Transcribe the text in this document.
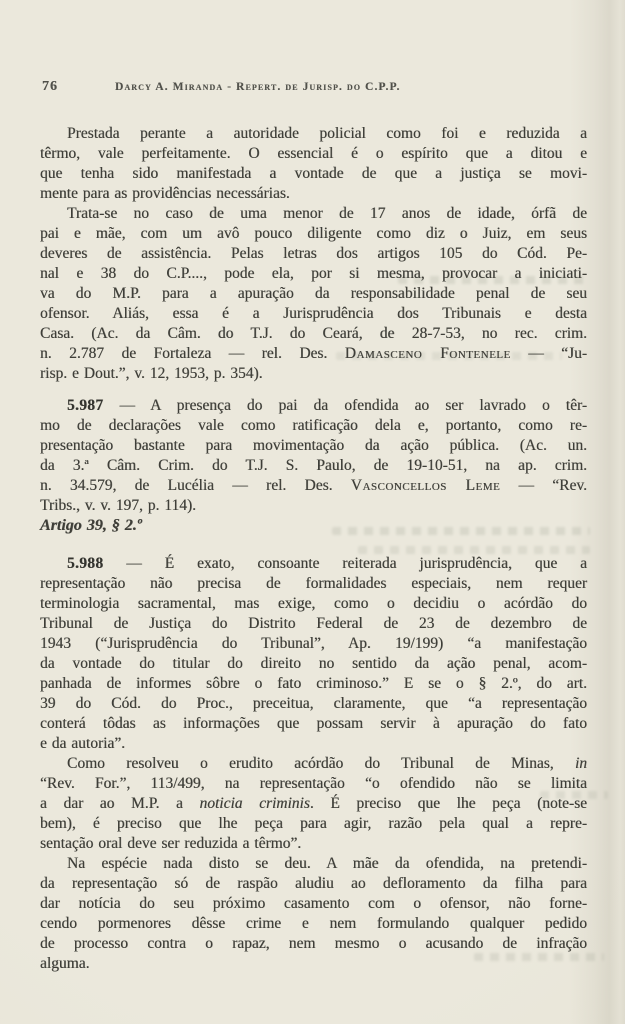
76	Darcy A. Miranda - Repert. de Jurisp. do C.P.P.
Prestada perante a autoridade policial como foi e reduzida a
têrmo, vale perfeitamente. O essencial é o espírito que a ditou e
que tenha sido manifestada a vontade de que a justiça se movi-
mente para as providências necessárias.
Trata-se no caso de uma menor de 17 anos de idade, órfã de
pai e mãe, com um avô pouco diligente como diz o Juiz, em seus
deveres de assistência. Pelas letras dos artigos 105 do Cód. Pe-
nal e 38 do C.P...., pode ela, por si mesma, provocar a iniciati-
va do M.P. para a apuração da responsabilidade penal de seu
ofensor. Aliás, essa é a Jurisprudência dos Tribunais e desta
Casa. (Ac. da Câm. do T.J. do Ceará, de 28-7-53, no rec. crim.
n. 2.787 de Fortaleza — rel. Des. Damasceno Fontenele — “Ju-
risp. e Dout.”, v. 12, 1953, p. 354).
5.987 — A presença do pai da ofendida ao ser lavrado o têr-
mo de declarações vale como ratificação dela e, portanto, como re-
presentação bastante para movimentação da ação pública. (Ac. un.
da 3.ª Câm. Crim. do T.J. S. Paulo, de 19-10-51, na ap. crim.
n. 34.579, de Lucélia — rel. Des. Vasconcellos Leme — “Rev.
Tribs., v. v. 197, p. 114).
Artigo 39, § 2.º
5.988 — É exato, consoante reiterada jurisprudência, que a
representação não precisa de formalidades especiais, nem requer
terminologia sacramental, mas exige, como o decidiu o acórdão do
Tribunal de Justiça do Distrito Federal de 23 de dezembro de
1943 (“Jurisprudência do Tribunal”, Ap. 19/199) “a manifestação
da vontade do titular do direito no sentido da ação penal, acom-
panhada de informes sôbre o fato criminoso.” E se o § 2.º, do art.
39 do Cód. do Proc., preceitua, claramente, que “a representação
conterá tôdas as informações que possam servir à apuração do fato
e da autoria”.
Como resolveu o erudito acórdão do Tribunal de Minas, in
“Rev. For.”, 113/499, na representação “o ofendido não se limita
a dar ao M.P. a noticia criminis. É preciso que lhe peça (note-se
bem), é preciso que lhe peça para agir, razão pela qual a repre-
sentação oral deve ser reduzida a têrmo”.
Na espécie nada disto se deu. A mãe da ofendida, na pretendi-
da representação só de raspão aludiu ao defloramento da filha para
dar notícia do seu próximo casamento com o ofensor, não forne-
cendo pormenores dêsse crime e nem formulando qualquer pedido
de processo contra o rapaz, nem mesmo o acusando de infração
alguma.
